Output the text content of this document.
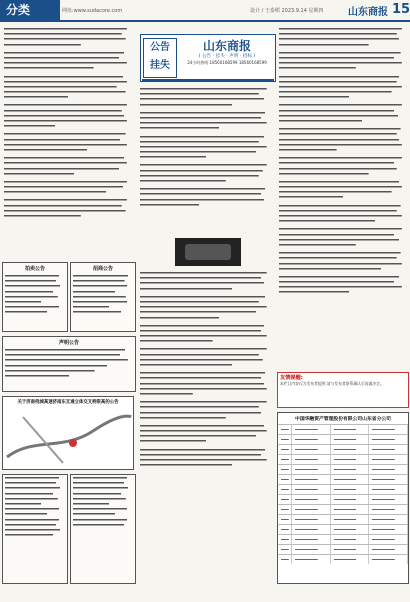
分类	网址:www.sudacore.com	设计 / 王泰稻 2023.9.14 星期四 山东商报 15
公告
挂失
山东商报
( 公告 · 挂失 · 声明 · 招标 )
24小时热线 18560168599 18560168599
拍卖公告	招商公告
声明公告
关于济南绕城高速济南东互通立体交叉桥限高的公告
友情提醒:
本栏目内容仅为发布者提供,请与发布者联系确认后再做决定。
中国华融资产管理股份有限公司山东省分公司
